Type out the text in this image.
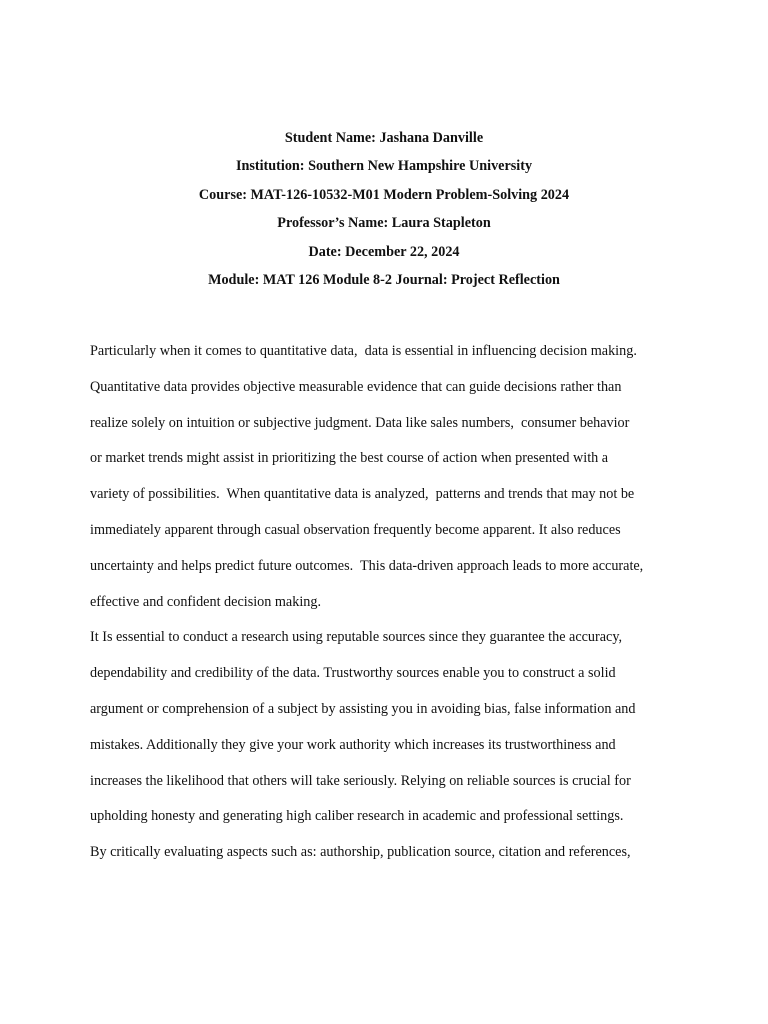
Student Name: Jashana Danville

Institution: Southern New Hampshire University

Course: MAT-126-10532-M01 Modern Problem-Solving 2024

Professor’s Name: Laura Stapleton

Date: December 22, 2024

Module: MAT 126 Module 8-2 Journal: Project Reflection

Particularly when it comes to quantitative data,  data is essential in influencing decision making.

Quantitative data provides objective measurable evidence that can guide decisions rather than

realize solely on intuition or subjective judgment. Data like sales numbers,  consumer behavior

or market trends might assist in prioritizing the best course of action when presented with a

variety of possibilities.  When quantitative data is analyzed,  patterns and trends that may not be

immediately apparent through casual observation frequently become apparent. It also reduces

uncertainty and helps predict future outcomes.  This data-driven approach leads to more accurate,

effective and confident decision making.

It Is essential to conduct a research using reputable sources since they guarantee the accuracy,

dependability and credibility of the data. Trustworthy sources enable you to construct a solid

argument or comprehension of a subject by assisting you in avoiding bias, false information and

mistakes. Additionally they give your work authority which increases its trustworthiness and

increases the likelihood that others will take seriously. Relying on reliable sources is crucial for

upholding honesty and generating high caliber research in academic and professional settings.

By critically evaluating aspects such as: authorship, publication source, citation and references,
